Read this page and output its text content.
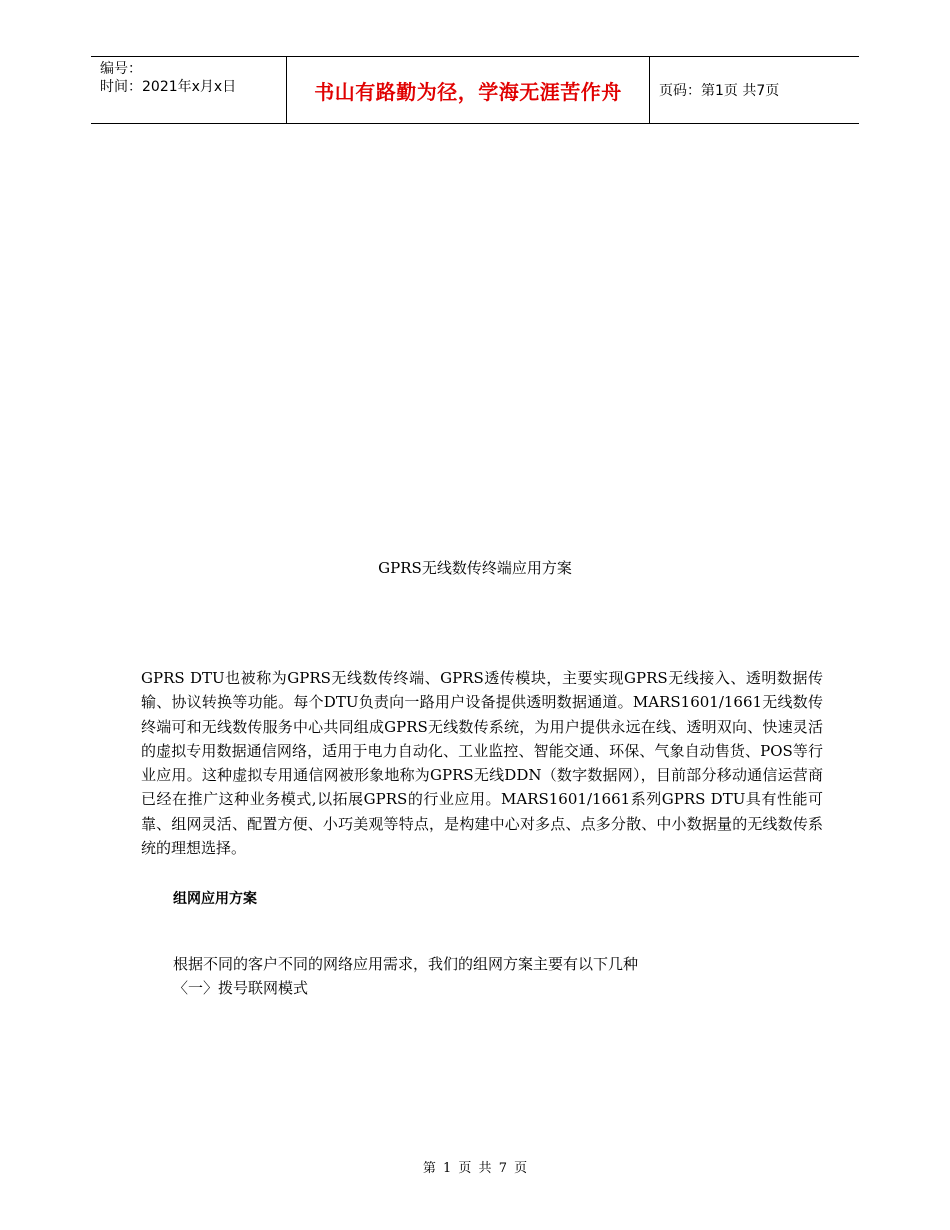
编号：
时间：2021年x月x日	书山有路勤为径，学海无涯苦作舟	页码：第1页 共7页
GPRS无线数传终端应用方案

GPRS DTU也被称为GPRS无线数传终端、GPRS透传模块，主要实现GPRS无线接入、透明数据传输、协议转换等功能。每个DTU负责向一路用户设备提供透明数据通道。MARS1601/1661无线数传终端可和无线数传服务中心共同组成GPRS无线数传系统，为用户提供永远在线、透明双向、快速灵活的虚拟专用数据通信网络，适用于电力自动化、工业监控、智能交通、环保、气象自动售货、POS等行业应用。这种虚拟专用通信网被形象地称为GPRS无线DDN（数字数据网），目前部分移动通信运营商已经在推广这种业务模式,以拓展GPRS的行业应用。MARS1601/1661系列GPRS DTU具有性能可靠、组网灵活、配置方便、小巧美观等特点，是构建中心对多点、点多分散、中小数据量的无线数传系统的理想选择。

组网应用方案
根据不同的客户不同的网络应用需求，我们的组网方案主要有以下几种
〈一〉拨号联网模式
第 1 页 共 7 页
